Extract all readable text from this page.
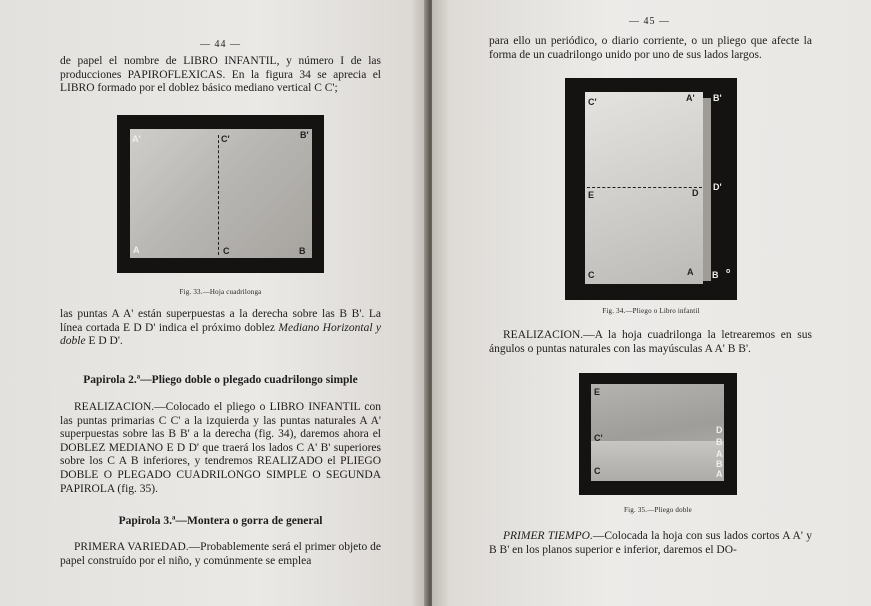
— 44 —

de papel el nombre de LIBRO INFANTIL, y número I de las producciones PAPIROFLEXICAS. En la figura 34 se aprecia el LIBRO formado por el doblez básico mediano vertical C C';

A'	C'	B'
A	C	B
Fig. 33.—Hoja cuadrilonga

las puntas A A' están superpuestas a la derecha sobre las B B'. La línea cortada E D D' indica el próximo doblez Mediano Horizontal y doble E D D'.

Papirola 2.ª—Pliego doble o plegado cuadrilongo simple

REALIZACION.—Colocado el pliego o LIBRO INFANTIL con las puntas primarias C C' a la izquierda y las puntas naturales A A' superpuestas sobre las B B' a la derecha (fig. 34), daremos ahora el DOBLEZ MEDIANO E D D' que traerá los lados C A' B' superiores sobre los C A B inferiores, y tendremos REALIZADO el PLIEGO DOBLE O PLEGADO CUADRILONGO SIMPLE O SEGUNDA PAPIROLA (fig. 35).

Papirola 3.ª—Montera o gorra de general

PRIMERA VARIEDAD.—Probablemente será el primer objeto de papel construído por el niño, y comúnmente se emplea

— 45 —

para ello un periódico, o diario corriente, o un pliego que afecte la forma de un cuadrilongo unido por uno de sus lados largos.

C'	A' B'
E	D
D'
C	A B o
Fig. 34.—Pliego o Libro infantil

REALIZACION.—A la hoja cuadrilonga la letrearemos en sus ángulos o puntas naturales con las mayúsculas A A' B B'.

E
C'
C
D
B
A
B
A
Fig. 35.—Pliego doble

PRIMER TIEMPO.—Colocada la hoja con sus lados cortos A A' y B B' en los planos superior e inferior, daremos el DO-
